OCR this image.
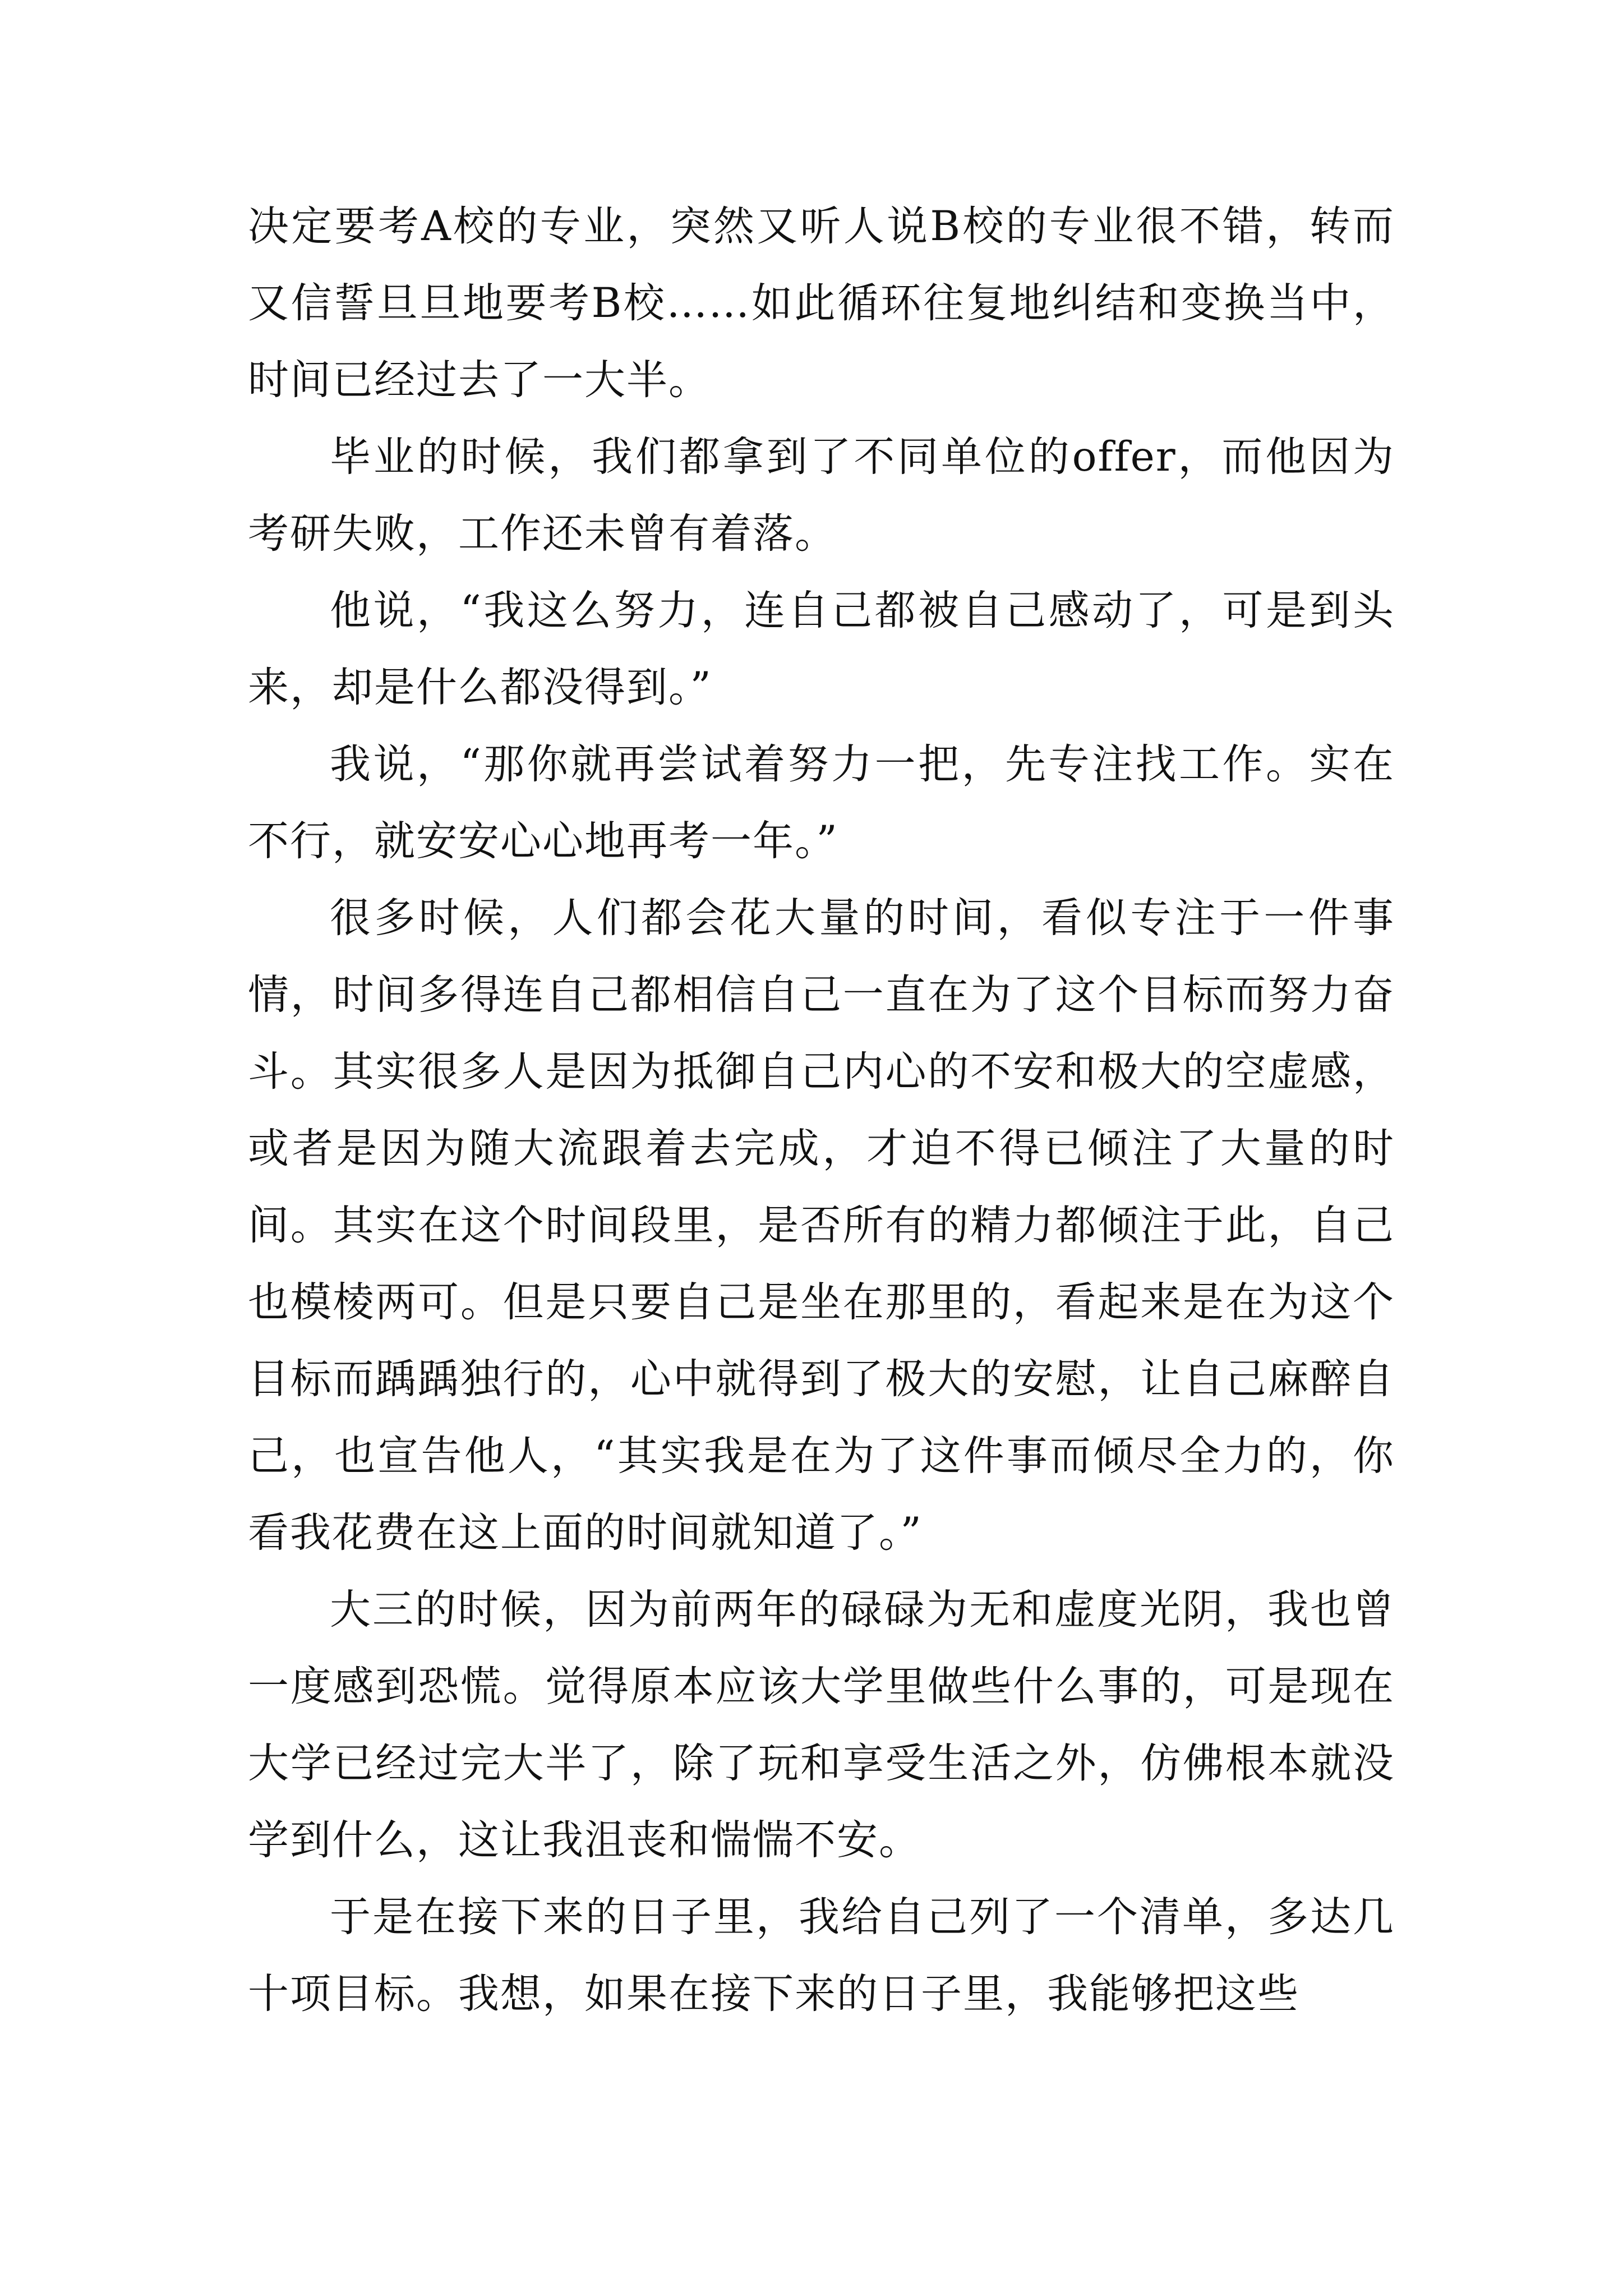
决定要考A校的专业，突然又听人说B校的专业很不错，转而又信誓旦旦地要考B校……如此循环往复地纠结和变换当中，时间已经过去了一大半。

毕业的时候，我们都拿到了不同单位的offer，而他因为考研失败，工作还未曾有着落。

他说，“我这么努力，连自己都被自己感动了，可是到头来，却是什么都没得到。”

我说，“那你就再尝试着努力一把，先专注找工作。实在不行，就安安心心地再考一年。”

很多时候，人们都会花大量的时间，看似专注于一件事情，时间多得连自己都相信自己一直在为了这个目标而努力奋斗。其实很多人是因为抵御自己内心的不安和极大的空虚感，或者是因为随大流跟着去完成，才迫不得已倾注了大量的时间。其实在这个时间段里，是否所有的精力都倾注于此，自己也模棱两可。但是只要自己是坐在那里的，看起来是在为这个目标而踽踽独行的，心中就得到了极大的安慰，让自己麻醉自己，也宣告他人，“其实我是在为了这件事而倾尽全力的，你看我花费在这上面的时间就知道了。”

大三的时候，因为前两年的碌碌为无和虚度光阴，我也曾一度感到恐慌。觉得原本应该大学里做些什么事的，可是现在大学已经过完大半了，除了玩和享受生活之外，仿佛根本就没学到什么，这让我沮丧和惴惴不安。

于是在接下来的日子里，我给自己列了一个清单，多达几十项目标。我想，如果在接下来的日子里，我能够把这些
